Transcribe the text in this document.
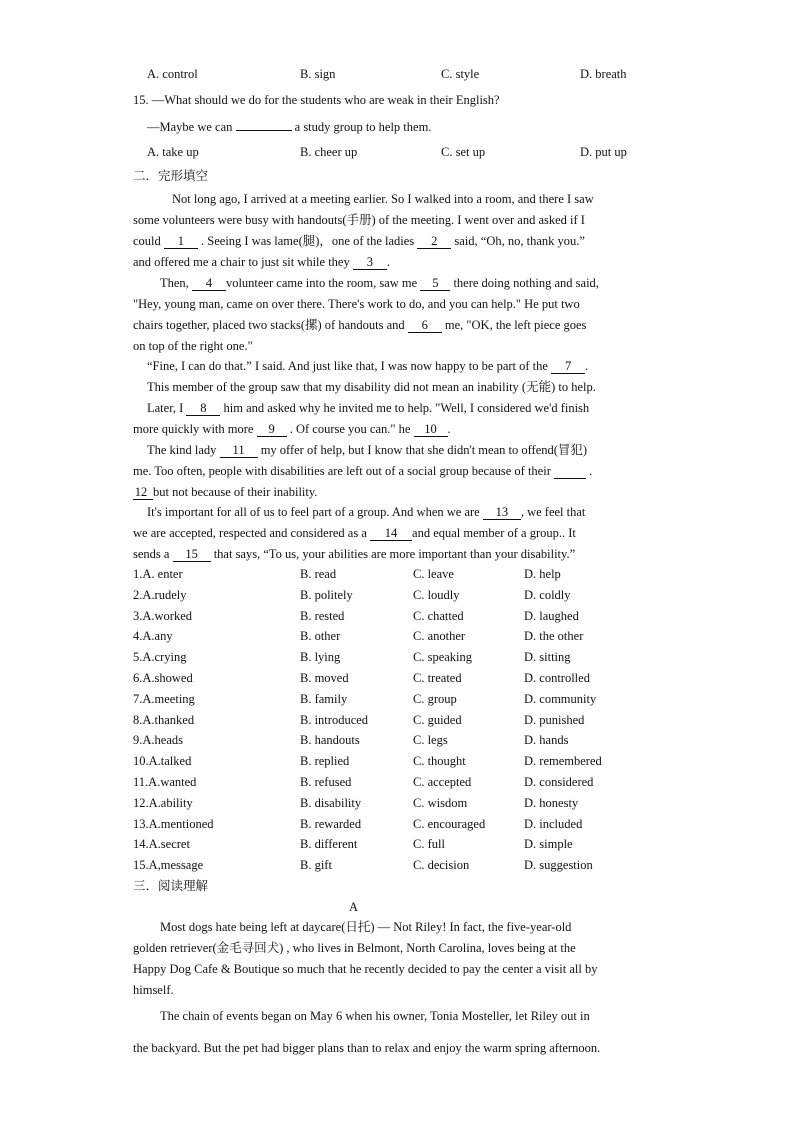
A. control	B. sign	C. style	D. breath
15. —What should we do for the students who are weak in their English?
—Maybe we can	a study group to help them.
A. take up	B. cheer up	C. set up	D. put up
二．完形填空
Not long ago, I arrived at a meeting earlier. So I walked into a room, and there I saw
some volunteers were busy with handouts(手册) of the meeting. I went over and asked if I
could 1 . Seeing I was lame(腿)，one of the ladies 2 said, “Oh, no, thank you.”
and offered me a chair to just sit while they 3 .
Then, 4 volunteer came into the room, saw me 5 there doing nothing and said,
"Hey, young man, came on over there. There's work to do, and you can help." He put two
chairs together, placed two stacks(摞) of handouts and 6 me, "OK, the left piece goes
on top of the right one."
“Fine, I can do that.” I said. And just like that, I was now happy to be part of the 7 .
This member of the group saw that my disability did not mean an inability (无能) to help.
Later, I 8 him and asked why he invited me to help. "Well, I considered we'd finish
more quickly with more 9 . Of course you can." he 10 .
The kind lady 11 my offer of help, but I know that she didn't mean to offend(冒犯)
me. Too often, people with disabilities are left out of a social group because of their	.
12 but not because of their inability.
It's important for all of us to feel part of a group. And when we are 13 , we feel that
we are accepted, respected and considered as a 14 and equal member of a group.. It
sends a 15 that says, “To us, your abilities are more important than your disability.”
1.A. enter	B. read	C. leave	D. help
2.A.rudely	B. politely	C. loudly	D. coldly
3.A.worked	B. rested	C. chatted	D. laughed
4.A.any	B. other	C. another	D. the other
5.A.crying	B. lying	C. speaking	D. sitting
6.A.showed	B. moved	C. treated	D. controlled
7.A.meeting	B. family	C. group	D. community
8.A.thanked	B. introduced	C. guided	D. punished
9.A.heads	B. handouts	C. legs	D. hands
10.A.talked	B. replied	C. thought	D. remembered
11.A.wanted	B. refused	C. accepted	D. considered
12.A.ability	B. disability	C. wisdom	D. honesty
13.A.mentioned	B. rewarded	C. encouraged	D. included
14.A.secret	B. different	C. full	D. simple
15.A,message	B. gift	C. decision	D. suggestion
三．阅读理解
A
Most dogs hate being left at daycare(日托) — Not Riley! In fact, the five-year-old
golden retriever(金毛寻回犬) , who lives in Belmont, North Carolina, loves being at the
Happy Dog Cafe & Boutique so much that he recently decided to pay the center a visit all by
himself.
The chain of events began on May 6 when his owner, Tonia Mosteller, let Riley out in
the backyard. But the pet had bigger plans than to relax and enjoy the warm spring afternoon.
